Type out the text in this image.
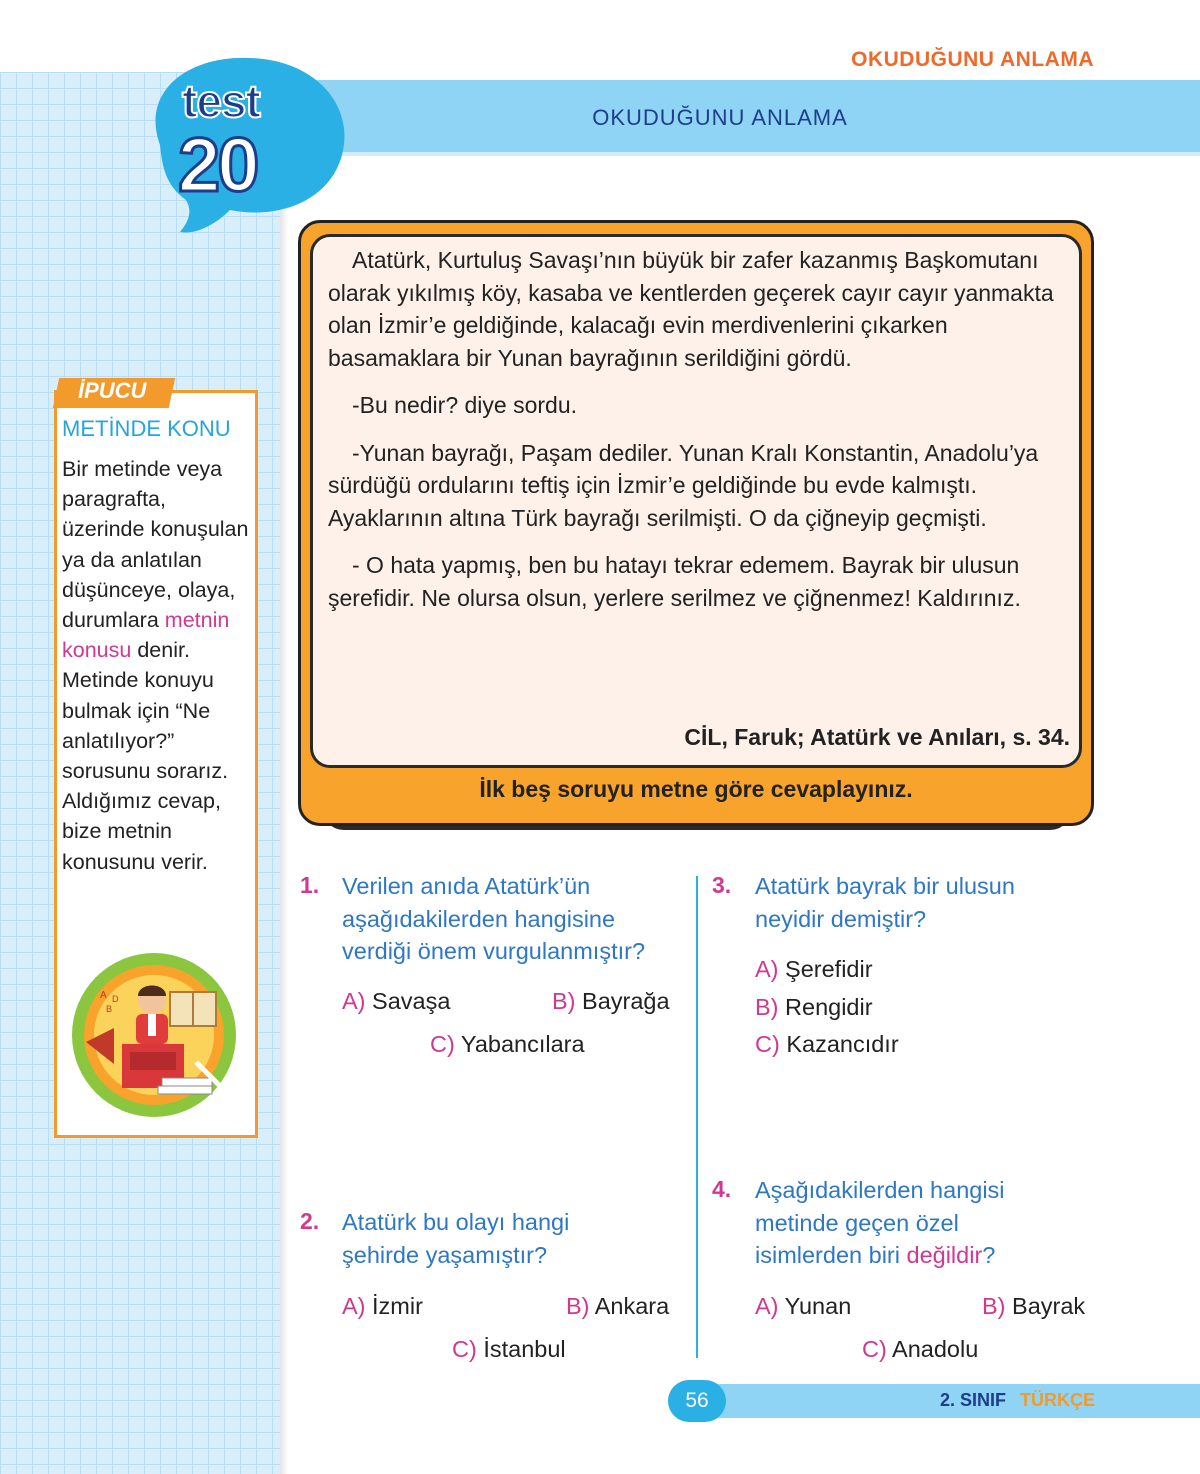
OKUDUĞUNU ANLAMA
OKUDUĞUNU ANLAMA
test
20

Atatürk, Kurtuluş Savaşı’nın büyük bir zafer kazanmış Başkomutanı olarak yıkılmış köy, kasaba ve kentlerden geçerek cayır cayır yanmakta olan İzmir’e geldiğinde, kalacağı evin merdivenlerini çıkarken basamaklara bir Yunan bayrağının serildiğini gördü.

-Bu nedir? diye sordu.

-Yunan bayrağı, Paşam dediler. Yunan Kralı Konstantin, Anadolu’ya sürdüğü ordularını teftiş için İzmir’e geldiğinde bu evde kalmıştı. Ayaklarının altına Türk bayrağı serilmişti. O da çiğneyip geçmişti.

- O hata yapmış, ben bu hatayı tekrar edemem. Bayrak bir ulusun şerefidir. Ne olursa olsun, yerlere serilmez ve çiğnenmez! Kaldırınız.

CİL, Faruk; Atatürk ve Anıları, s. 34.
İlk beş soruyu metne göre cevaplayınız.
İPUCU
METİNDE KONU
Bir metinde veya paragrafta, üzerinde konuşulan ya da anlatılan düşünceye, olaya, durumlara metnin konusu denir. Metinde konuyu bulmak için “Ne anlatılıyor?” sorusunu sorarız. Aldığımız cevap, bize metnin konusunu verir.
A D
B
1. Verilen anıda Atatürk’ün
aşağıdakilerden hangisine
verdiği önem vurgulanmıştır?
A) Savaşa	B) Bayrağa
C) Yabancılara
2. Atatürk bu olayı hangi
şehirde yaşamıştır?
A) İzmir	B) Ankara
C) İstanbul
3. Atatürk bayrak bir ulusun
neyidir demiştir?
A) Şerefidir
B) Rengidir
C) Kazancıdır
4. Aşağıdakilerden hangisi
metinde geçen özel
isimlerden biri değildir?
A) Yunan	B) Bayrak
C) Anadolu
56	2. SINIF TÜRKÇE
